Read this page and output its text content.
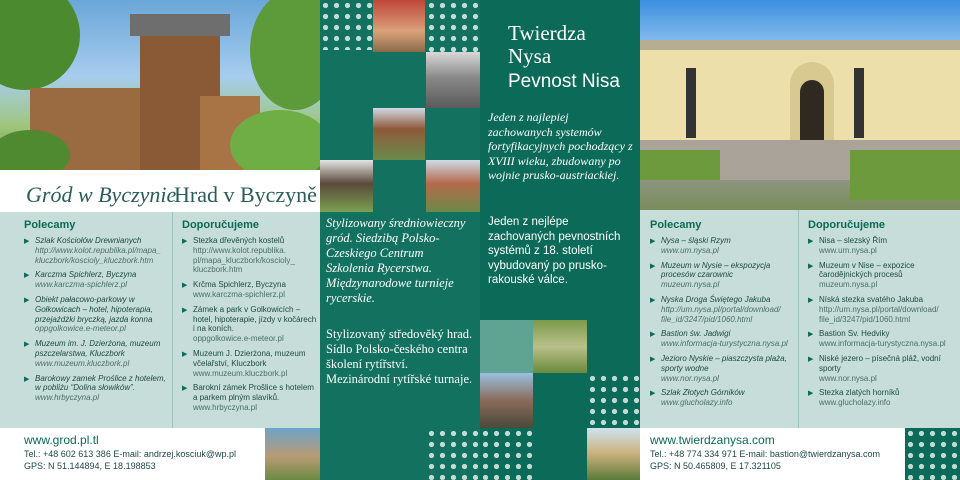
Gród w Byczynie
Hrad v Byczyně
Polecamy
▶ Szlak Kościołów Drewnianych
http://www.kolot.republika.pl/mapa_ kluczbork/koscioly_kluczbork.htm
▶ Karczma Spichlerz, Byczyna
www.karczma-spichlerz.pl
▶ Obiekt pałacowo-parkowy w Gołkowicach – hotel, hipoterapia, przejażdżki bryczką, jazda konna
oppgolkowice.e-meteor.pl
▶ Muzeum im. J. Dzierżona, muzeum pszczelarstwa, Kluczbork
www.muzeum.kluczbork.pl
▶ Barokowy zamek Proślice z hotelem, w pobliżu “Dolina słowików”.
www.hrbyczyna.pl
Doporučujeme
▶ Stezka dřevěných kostelů
http://www.kolot.republika. pl/mapa_kluczbork/koscioly_ kluczbork.htm
▶ Krčma Spichlerz, Byczyna
www.karczma-spichlerz.pl
▶ Zámek a park v Golkowicích – hotel, hipoterapie, jízdy v kočárech i na koních.
oppgolkowice.e-meteor.pl
▶ Muzeum J. Dzierżona, muzeum včelařství, Kluczbork
www.muzeum.kluczbork.pl
▶ Barokní zámek Prošlice s hotelem a parkem plným slavíků.
www.hrbyczyna.pl
www.grod.pl.tl
Tel.: +48 602 613 386 E-mail: andrzej.kosciuk@wp.pl
GPS: N 51.144894, E 18.198853
Stylizowany średniowieczny gród. Siedzibą Polsko-Czeskiego Centrum Szkolenia Rycerstwa. Międzynarodowe turnieje rycerskie.
Stylizovaný středověký hrad. Sídlo Polsko-českého centra školení rytířství. Mezinárodní rytířské turnaje.
Twierdza
Nysa
Pevnost Nisa
Jeden z najlepiej zachowanych systemów fortyfikacyjnych pochodzący z XVIII wieku, zbudowany po wojnie prusko-austriackiej.
Jeden z nejlépe zachovaných pevnostních systémů z 18. století vybudovaný po prusko-rakouské válce.
Polecamy
▶ Nysa – śląski Rzym
www.um.nysa.pl
▶ Muzeum w Nysie – ekspozycja procesów czarownic
muzeum.nysa.pl
▶ Nyska Droga Świętego Jakuba
http://um.nysa.pl/portal/download/ file_id/3247/pid/1060.html
▶ Bastion św. Jadwigi
www.informacja-turystyczna.nysa.pl
▶ Jezioro Nyskie – piaszczysta plaża, sporty wodne
www.nor.nysa.pl
▶ Szlak Złotych Górników
www.glucholazy.info
Doporučujeme
▶ Nisa – slezský Řím
www.um.nysa.pl
▶ Muzeum v Nise – expozice čarodějnických procesů
muzeum.nysa.pl
▶ Níská stezka svatého Jakuba
http://um.nysa.pl/portal/download/ file_id/3247/pid/1060.html
▶ Bastion Sv. Hedviky
www.informacja-turystyczna.nysa.pl
▶ Niské jezero – písečná pláž, vodní sporty
www.nor.nysa.pl
▶ Stezka zlatých horníků
www.glucholazy.info
www.twierdzanysa.com
Tel.: +48 774 334 971 E-mail: bastion@twierdzanysa.com
GPS: N 50.465809, E 17.321105
